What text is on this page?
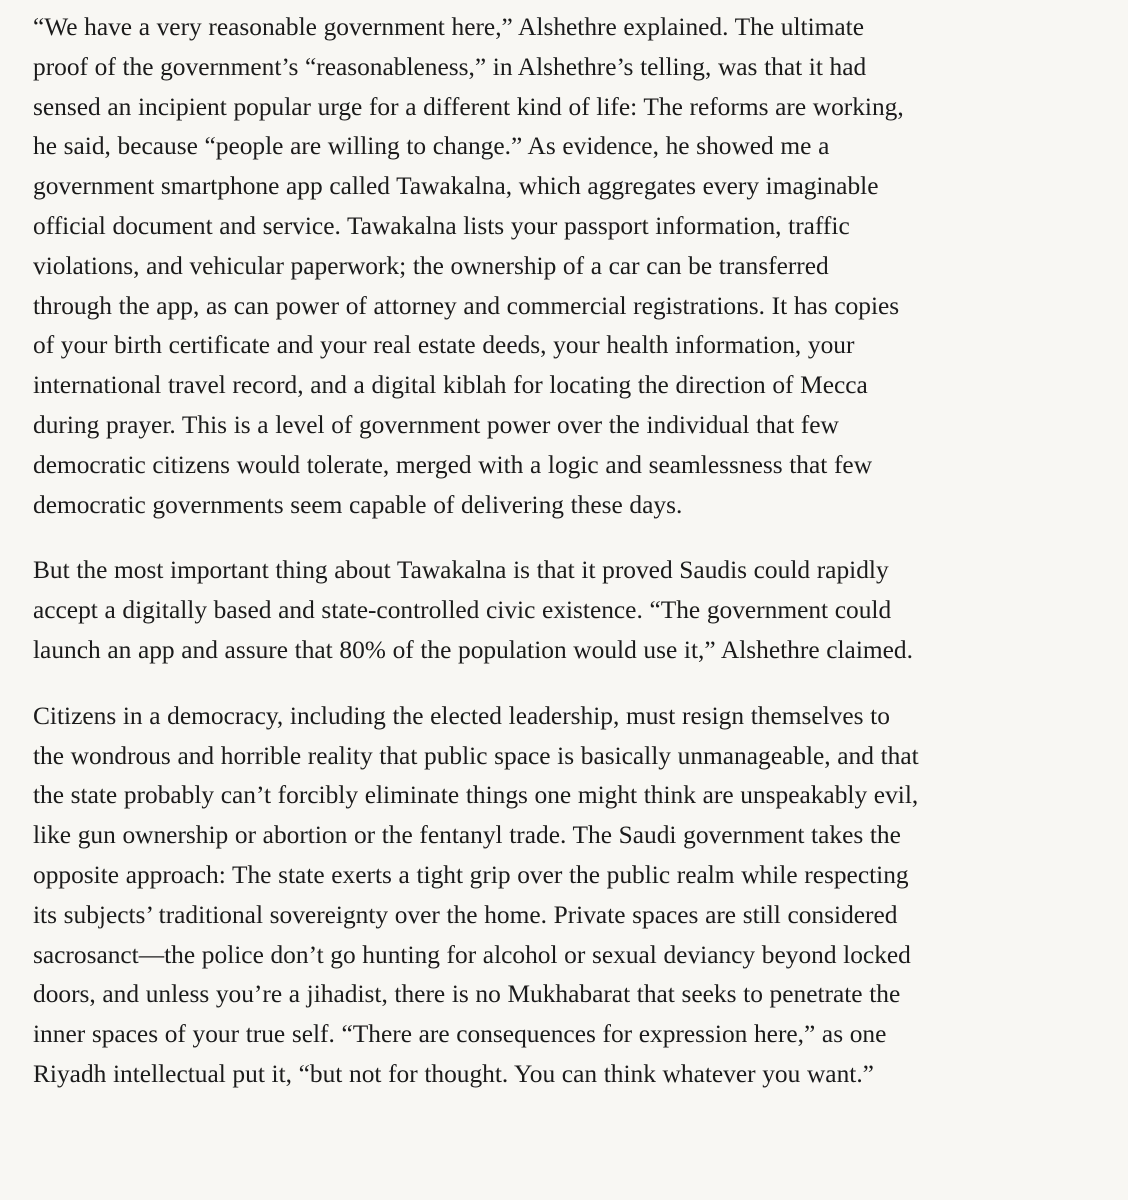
“We have a very reasonable government here,” Alshethre explained. The ultimate
proof of the government’s “reasonableness,” in Alshethre’s telling, was that it had
sensed an incipient popular urge for a different kind of life: The reforms are working,
he said, because “people are willing to change.” As evidence, he showed me a
government smartphone app called Tawakalna, which aggregates every imaginable
official document and service. Tawakalna lists your passport information, traffic
violations, and vehicular paperwork; the ownership of a car can be transferred
through the app, as can power of attorney and commercial registrations. It has copies
of your birth certificate and your real estate deeds, your health information, your
international travel record, and a digital kiblah for locating the direction of Mecca
during prayer. This is a level of government power over the individual that few
democratic citizens would tolerate, merged with a logic and seamlessness that few
democratic governments seem capable of delivering these days.

But the most important thing about Tawakalna is that it proved Saudis could rapidly
accept a digitally based and state-controlled civic existence. “The government could
launch an app and assure that 80% of the population would use it,” Alshethre claimed.

Citizens in a democracy, including the elected leadership, must resign themselves to
the wondrous and horrible reality that public space is basically unmanageable, and that
the state probably can’t forcibly eliminate things one might think are unspeakably evil,
like gun ownership or abortion or the fentanyl trade. The Saudi government takes the
opposite approach: The state exerts a tight grip over the public realm while respecting
its subjects’ traditional sovereignty over the home. Private spaces are still considered
sacrosanct—the police don’t go hunting for alcohol or sexual deviancy beyond locked
doors, and unless you’re a jihadist, there is no Mukhabarat that seeks to penetrate the
inner spaces of your true self. “There are consequences for expression here,” as one
Riyadh intellectual put it, “but not for thought. You can think whatever you want.”
